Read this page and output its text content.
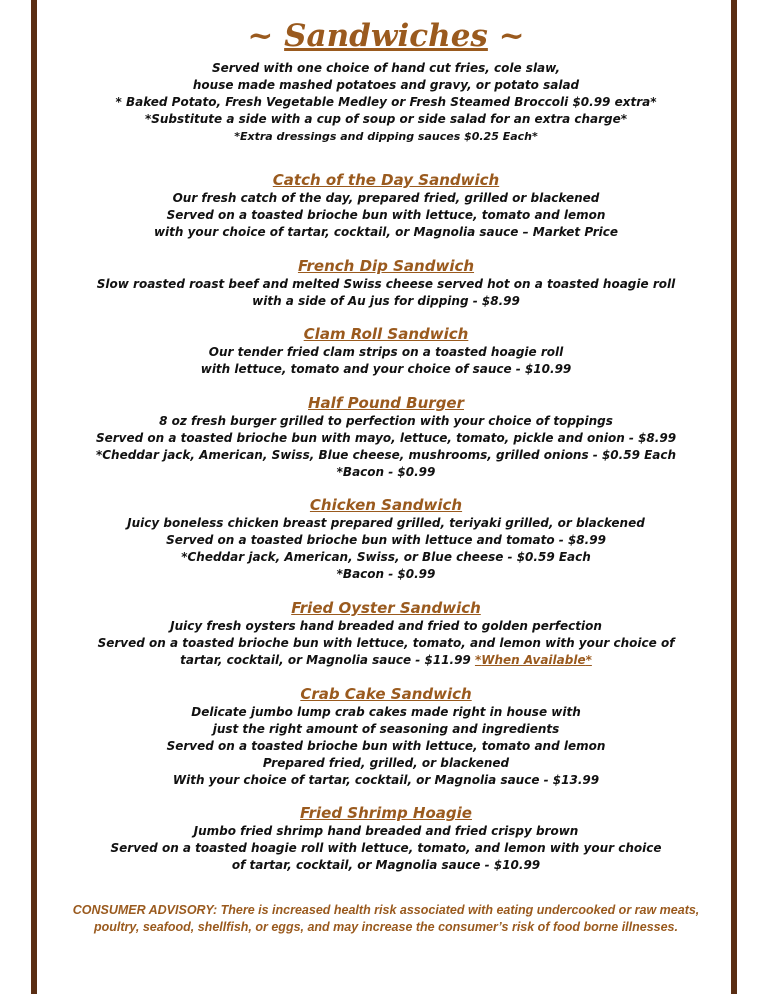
~ Sandwiches ~

Served with one choice of hand cut fries, cole slaw,

house made mashed potatoes and gravy, or potato salad

* Baked Potato, Fresh Vegetable Medley or Fresh Steamed Broccoli $0.99 extra*

*Substitute a side with a cup of soup or side salad for an extra charge*

*Extra dressings and dipping sauces $0.25 Each*

Catch of the Day Sandwich

Our fresh catch of the day, prepared fried, grilled or blackened

Served on a toasted brioche bun with lettuce, tomato and lemon

with your choice of tartar, cocktail, or Magnolia sauce – Market Price

French Dip Sandwich

Slow roasted roast beef and melted Swiss cheese served hot on a toasted hoagie roll

with a side of Au jus for dipping - $8.99

Clam Roll Sandwich

Our tender fried clam strips on a toasted hoagie roll

with lettuce, tomato and your choice of sauce - $10.99

Half Pound Burger

8 oz fresh burger grilled to perfection with your choice of toppings

Served on a toasted brioche bun with mayo, lettuce, tomato, pickle and onion - $8.99

*Cheddar jack, American, Swiss, Blue cheese, mushrooms, grilled onions - $0.59 Each

*Bacon - $0.99

Chicken Sandwich

Juicy boneless chicken breast prepared grilled, teriyaki grilled, or blackened

Served on a toasted brioche bun with lettuce and tomato - $8.99

*Cheddar jack, American, Swiss, or Blue cheese - $0.59 Each

*Bacon - $0.99

Fried Oyster Sandwich

Juicy fresh oysters hand breaded and fried to golden perfection

Served on a toasted brioche bun with lettuce, tomato, and lemon with your choice of

tartar, cocktail, or Magnolia sauce - $11.99 *When Available*

Crab Cake Sandwich

Delicate jumbo lump crab cakes made right in house with

just the right amount of seasoning and ingredients

Served on a toasted brioche bun with lettuce, tomato and lemon

Prepared fried, grilled, or blackened

With your choice of tartar, cocktail, or Magnolia sauce - $13.99

Fried Shrimp Hoagie

Jumbo fried shrimp hand breaded and fried crispy brown

Served on a toasted hoagie roll with lettuce, tomato, and lemon with your choice

of tartar, cocktail, or Magnolia sauce - $10.99

CONSUMER ADVISORY: There is increased health risk associated with eating undercooked or raw meats,
poultry, seafood, shellfish, or eggs, and may increase the consumer’s risk of food borne illnesses.
